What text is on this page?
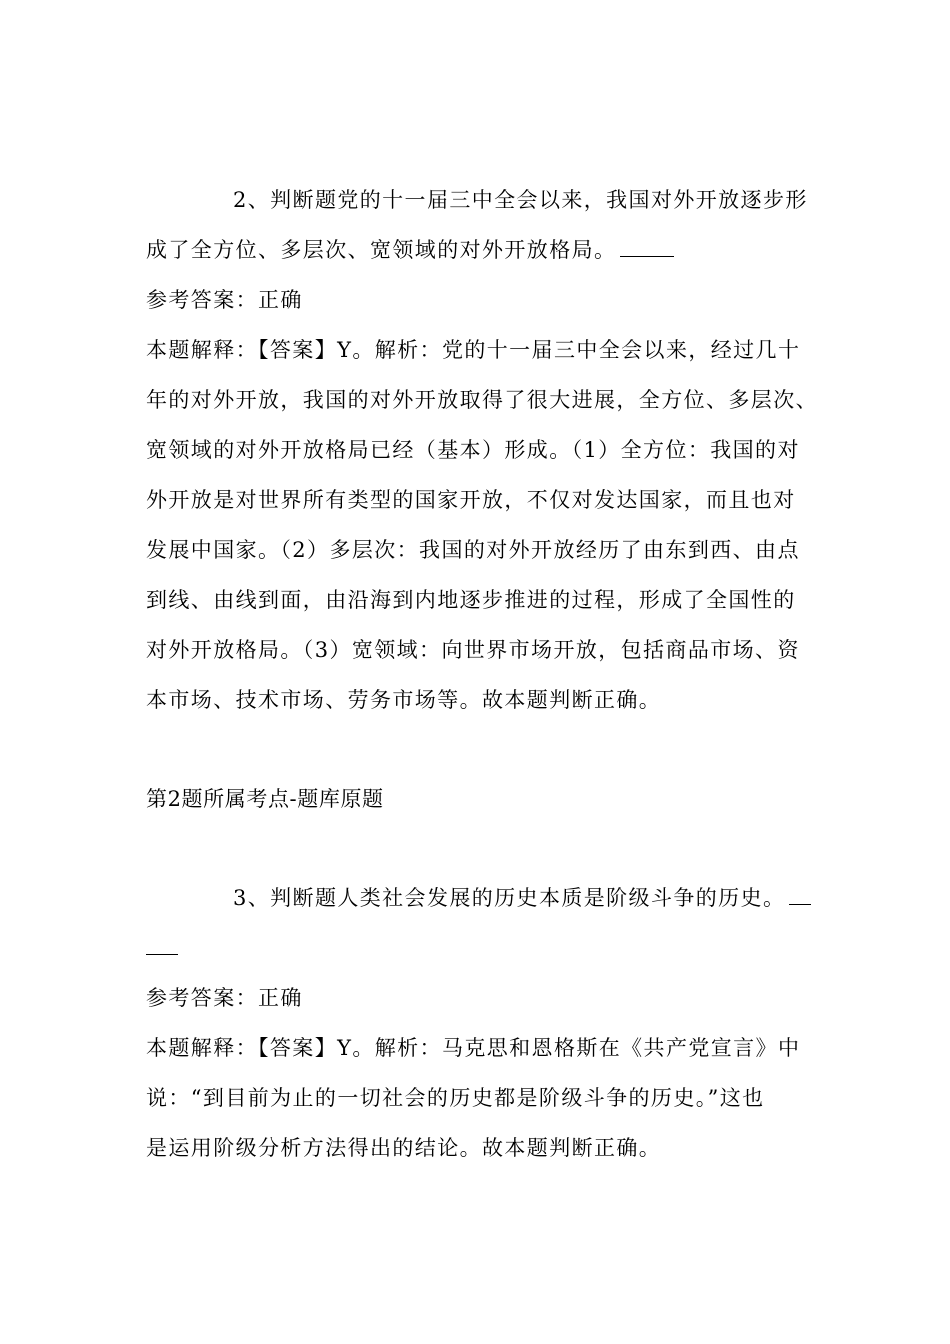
2、判断题党的十一届三中全会以来，我国对外开放逐步形
成了全方位、多层次、宽领域的对外开放格局。
参考答案：正确
本题解释：【答案】Y。解析：党的十一届三中全会以来，经过几十
年的对外开放，我国的对外开放取得了很大进展，全方位、多层次、
宽领域的对外开放格局已经（基本）形成。（1）全方位：我国的对
外开放是对世界所有类型的国家开放，不仅对发达国家，而且也对
发展中国家。（2）多层次：我国的对外开放经历了由东到西、由点
到线、由线到面，由沿海到内地逐步推进的过程，形成了全国性的
对外开放格局。（3）宽领域：向世界市场开放，包括商品市场、资
本市场、技术市场、劳务市场等。故本题判断正确。
第2题所属考点-题库原题
3、判断题人类社会发展的历史本质是阶级斗争的历史。
参考答案：正确
本题解释：【答案】Y。解析：马克思和恩格斯在《共产党宣言》中
说：“到目前为止的一切社会的历史都是阶级斗争的历史。”这也
是运用阶级分析方法得出的结论。故本题判断正确。
